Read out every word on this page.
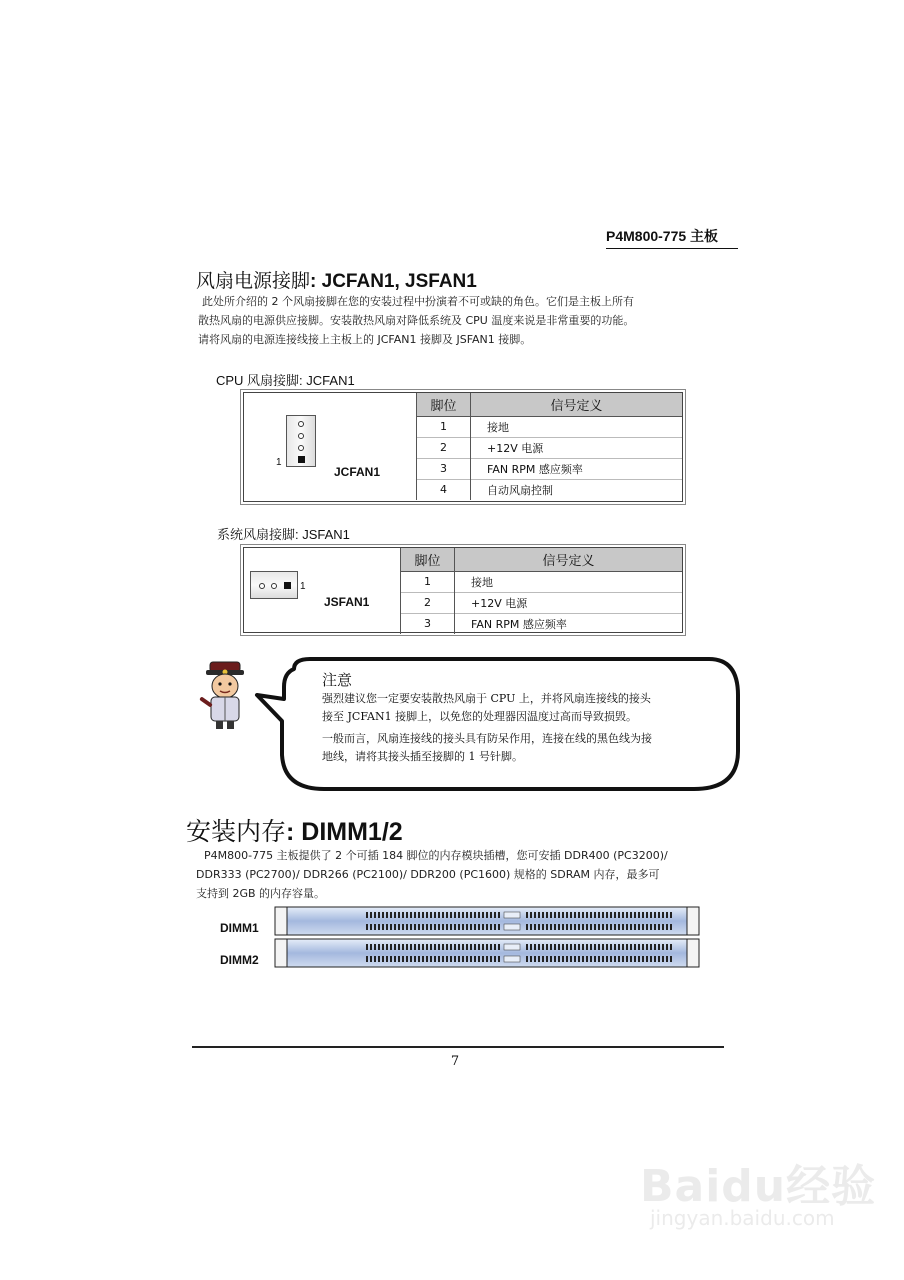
P4M800-775 主板
风扇电源接脚: JCFAN1, JSFAN1
此处所介绍的 2 个风扇接脚在您的安装过程中扮演着不可或缺的角色。它们是主板上所有
散热风扇的电源供应接脚。安装散热风扇对降低系统及 CPU 温度来说是非常重要的功能。
请将风扇的电源连接线接上主板上的 JCFAN1 接脚及 JSFAN1 接脚。
CPU 风扇接脚: JCFAN1
1
JCFAN1
脚位	信号定义
1	接地
2	+12V 电源
3	FAN RPM 感应频率
4	自动风扇控制
系统风扇接脚: JSFAN1
1
JSFAN1
脚位	信号定义
1	接地
2	+12V 电源
3	FAN RPM 感应频率
注意
强烈建议您一定要安装散热风扇于 CPU 上，并将风扇连接线的接头
接至 JCFAN1 接脚上，以免您的处理器因温度过高而导致损毁。
一般而言，风扇连接线的接头具有防呆作用，连接在线的黑色线为接
地线，请将其接头插至接脚的 1 号针脚。
安装内存: DIMM1/2
P4M800-775 主板提供了 2 个可插 184 脚位的内存模块插槽，您可安插 DDR400 (PC3200)/
DDR333 (PC2700)/ DDR266 (PC2100)/ DDR200 (PC1600) 规格的 SDRAM 内存，最多可
支持到 2GB 的内存容量。
DIMM1
DIMM2
7
Baidu经验
jingyan.baidu.com
